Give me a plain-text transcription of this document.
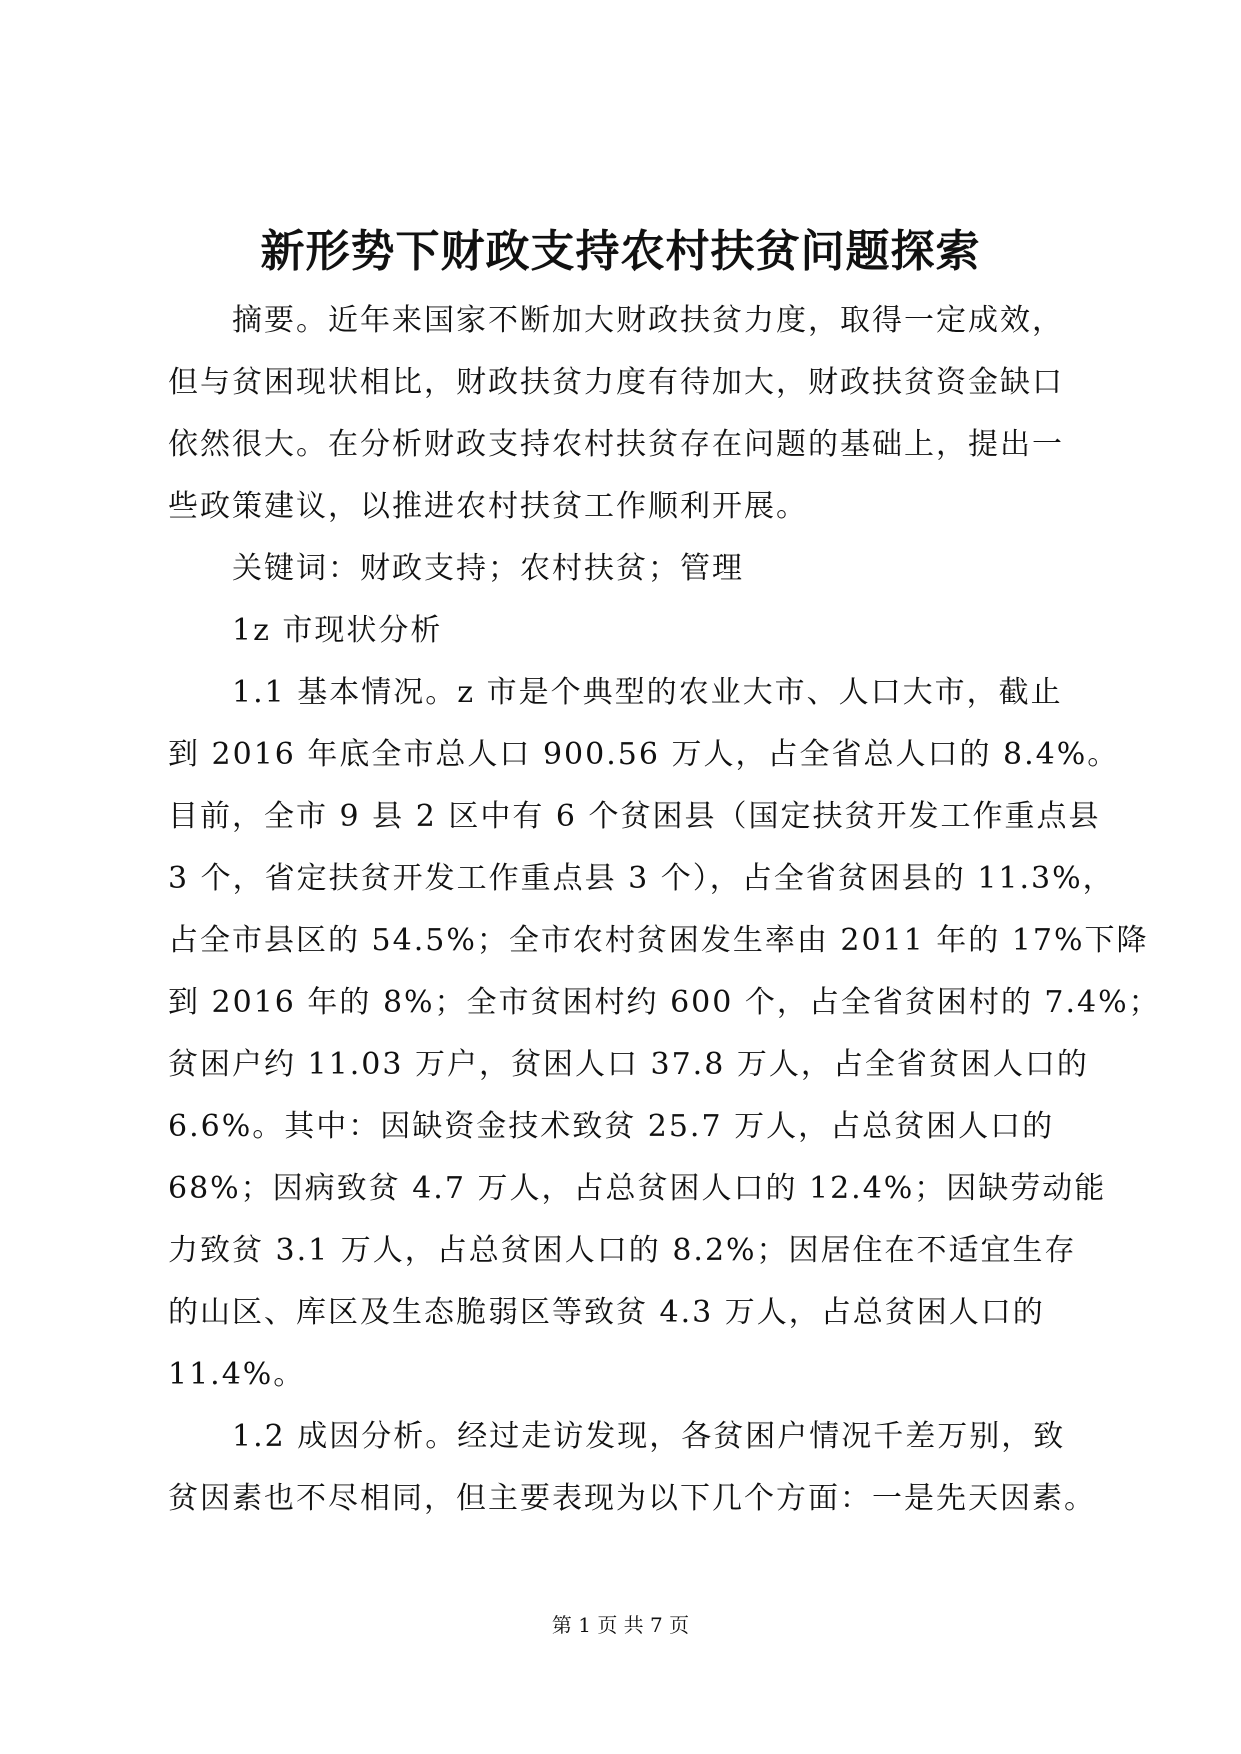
新形势下财政支持农村扶贫问题探索
　　摘要。近年来国家不断加大财政扶贫力度，取得一定成效，
但与贫困现状相比，财政扶贫力度有待加大，财政扶贫资金缺口
依然很大。在分析财政支持农村扶贫存在问题的基础上，提出一
些政策建议，以推进农村扶贫工作顺利开展。
　　关键词：财政支持；农村扶贫；管理
　　1z 市现状分析
　　1.1 基本情况。z 市是个典型的农业大市、人口大市，截止
到 2016 年底全市总人口 900.56 万人，占全省总人口的 8.4%。
目前，全市 9 县 2 区中有 6 个贫困县（国定扶贫开发工作重点县
3 个，省定扶贫开发工作重点县 3 个），占全省贫困县的 11.3%，
占全市县区的 54.5%；全市农村贫困发生率由 2011 年的 17%下降
到 2016 年的 8%；全市贫困村约 600 个，占全省贫困村的 7.4%；
贫困户约 11.03 万户，贫困人口 37.8 万人，占全省贫困人口的
6.6%。其中：因缺资金技术致贫 25.7 万人，占总贫困人口的
68%；因病致贫 4.7 万人，占总贫困人口的 12.4%；因缺劳动能
力致贫 3.1 万人，占总贫困人口的 8.2%；因居住在不适宜生存
的山区、库区及生态脆弱区等致贫 4.3 万人，占总贫困人口的
11.4%。
　　1.2 成因分析。经过走访发现，各贫困户情况千差万别，致
贫因素也不尽相同，但主要表现为以下几个方面：一是先天因素。
第 1 页 共 7 页
